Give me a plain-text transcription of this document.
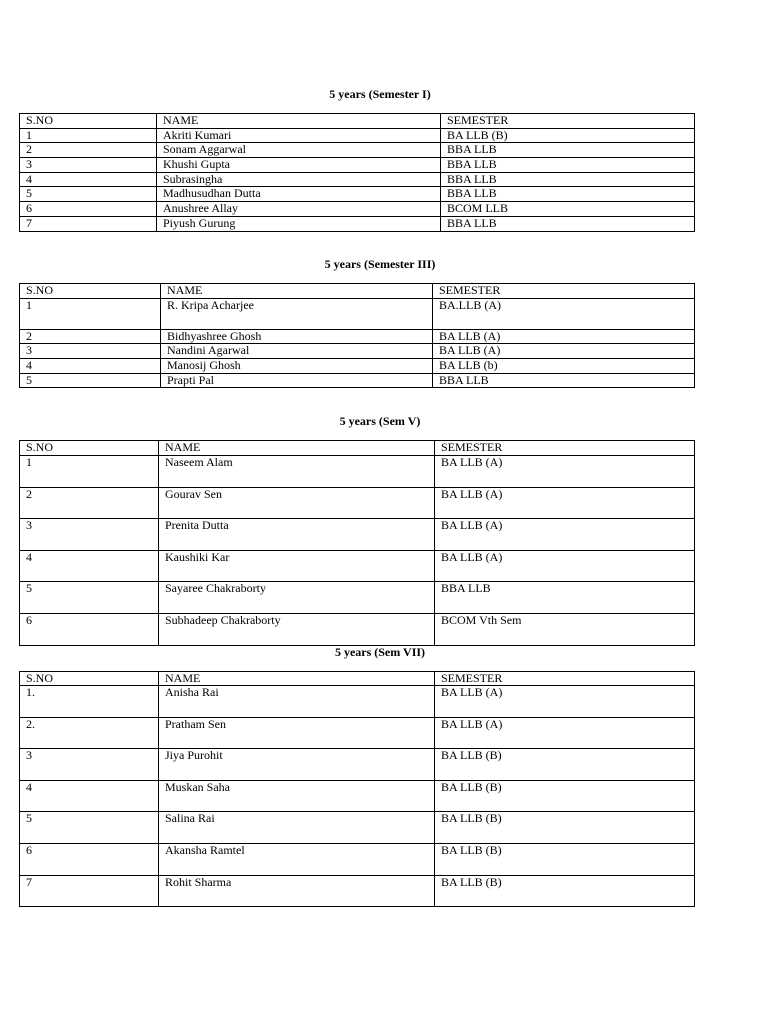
5 years (Semester I)
S.NO	NAME	SEMESTER
1	Akriti Kumari	BA LLB (B)
2	Sonam Aggarwal	BBA LLB
3	Khushi Gupta	BBA LLB
4	Subrasingha	BBA LLB
5	Madhusudhan Dutta	BBA LLB
6	Anushree Allay	BCOM LLB
7	Piyush Gurung	BBA LLB
5 years (Semester III)
S.NO	NAME	SEMESTER
1	R. Kripa Acharjee	BA.LLB (A)
2	Bidhyashree Ghosh	BA LLB (A)
3	Nandini Agarwal	BA LLB (A)
4	Manosij Ghosh	BA LLB (b)
5	Prapti Pal	BBA LLB
5 years (Sem V)
S.NO	NAME	SEMESTER
1	Naseem Alam	BA LLB (A)
2	Gourav Sen	BA LLB (A)
3	Prenita Dutta	BA LLB (A)
4	Kaushiki Kar	BA LLB (A)
5	Sayaree Chakraborty	BBA LLB
6	Subhadeep Chakraborty	BCOM Vth Sem
5 years (Sem VII)
S.NO	NAME	SEMESTER
1.	Anisha Rai	BA LLB (A)
2.	Pratham Sen	BA LLB (A)
3	Jiya Purohit	BA LLB (B)
4	Muskan Saha	BA LLB (B)
5	Salina Rai	BA LLB (B)
6	Akansha Ramtel	BA LLB (B)
7	Rohit Sharma	BA LLB (B)
